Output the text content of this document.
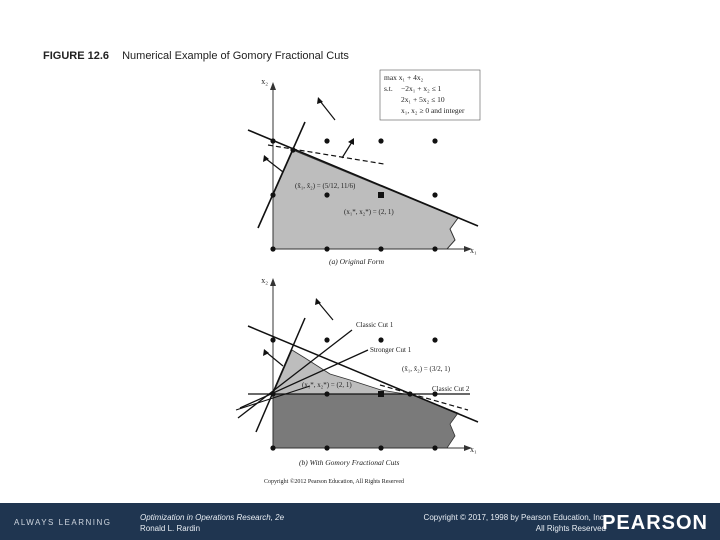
FIGURE 12.6 Numerical Example of Gomory Fractional Cuts
x₂
x₁
(x̃₁, x̃₂) = (5/12, 11/6)
(x₁*, x₂*) = (2, 1)
(a) Original Form
max x₁ + 4x₂
s.t. −2x₁ + x₂ ≤ 1
2x₁ + 5x₂ ≤ 10
x₁, x₂ ≥ 0 and integer
x₂
x₁
Classic Cut 1
Stronger Cut 1
(x̃₁, x̃₂) = (3/2, 1)
(x₁*, x₂*) = (2, 1)	Classic Cut 2
(b) With Gomory Fractional Cuts
Copyright ©2012 Pearson Education, All Rights Reserved
ALWAYS LEARNING
Optimization in Operations Research, 2e
Ronald L. Rardin
Copyright © 2017, 1998 by Pearson Education, Inc.
All Rights Reserved
PEARSON
